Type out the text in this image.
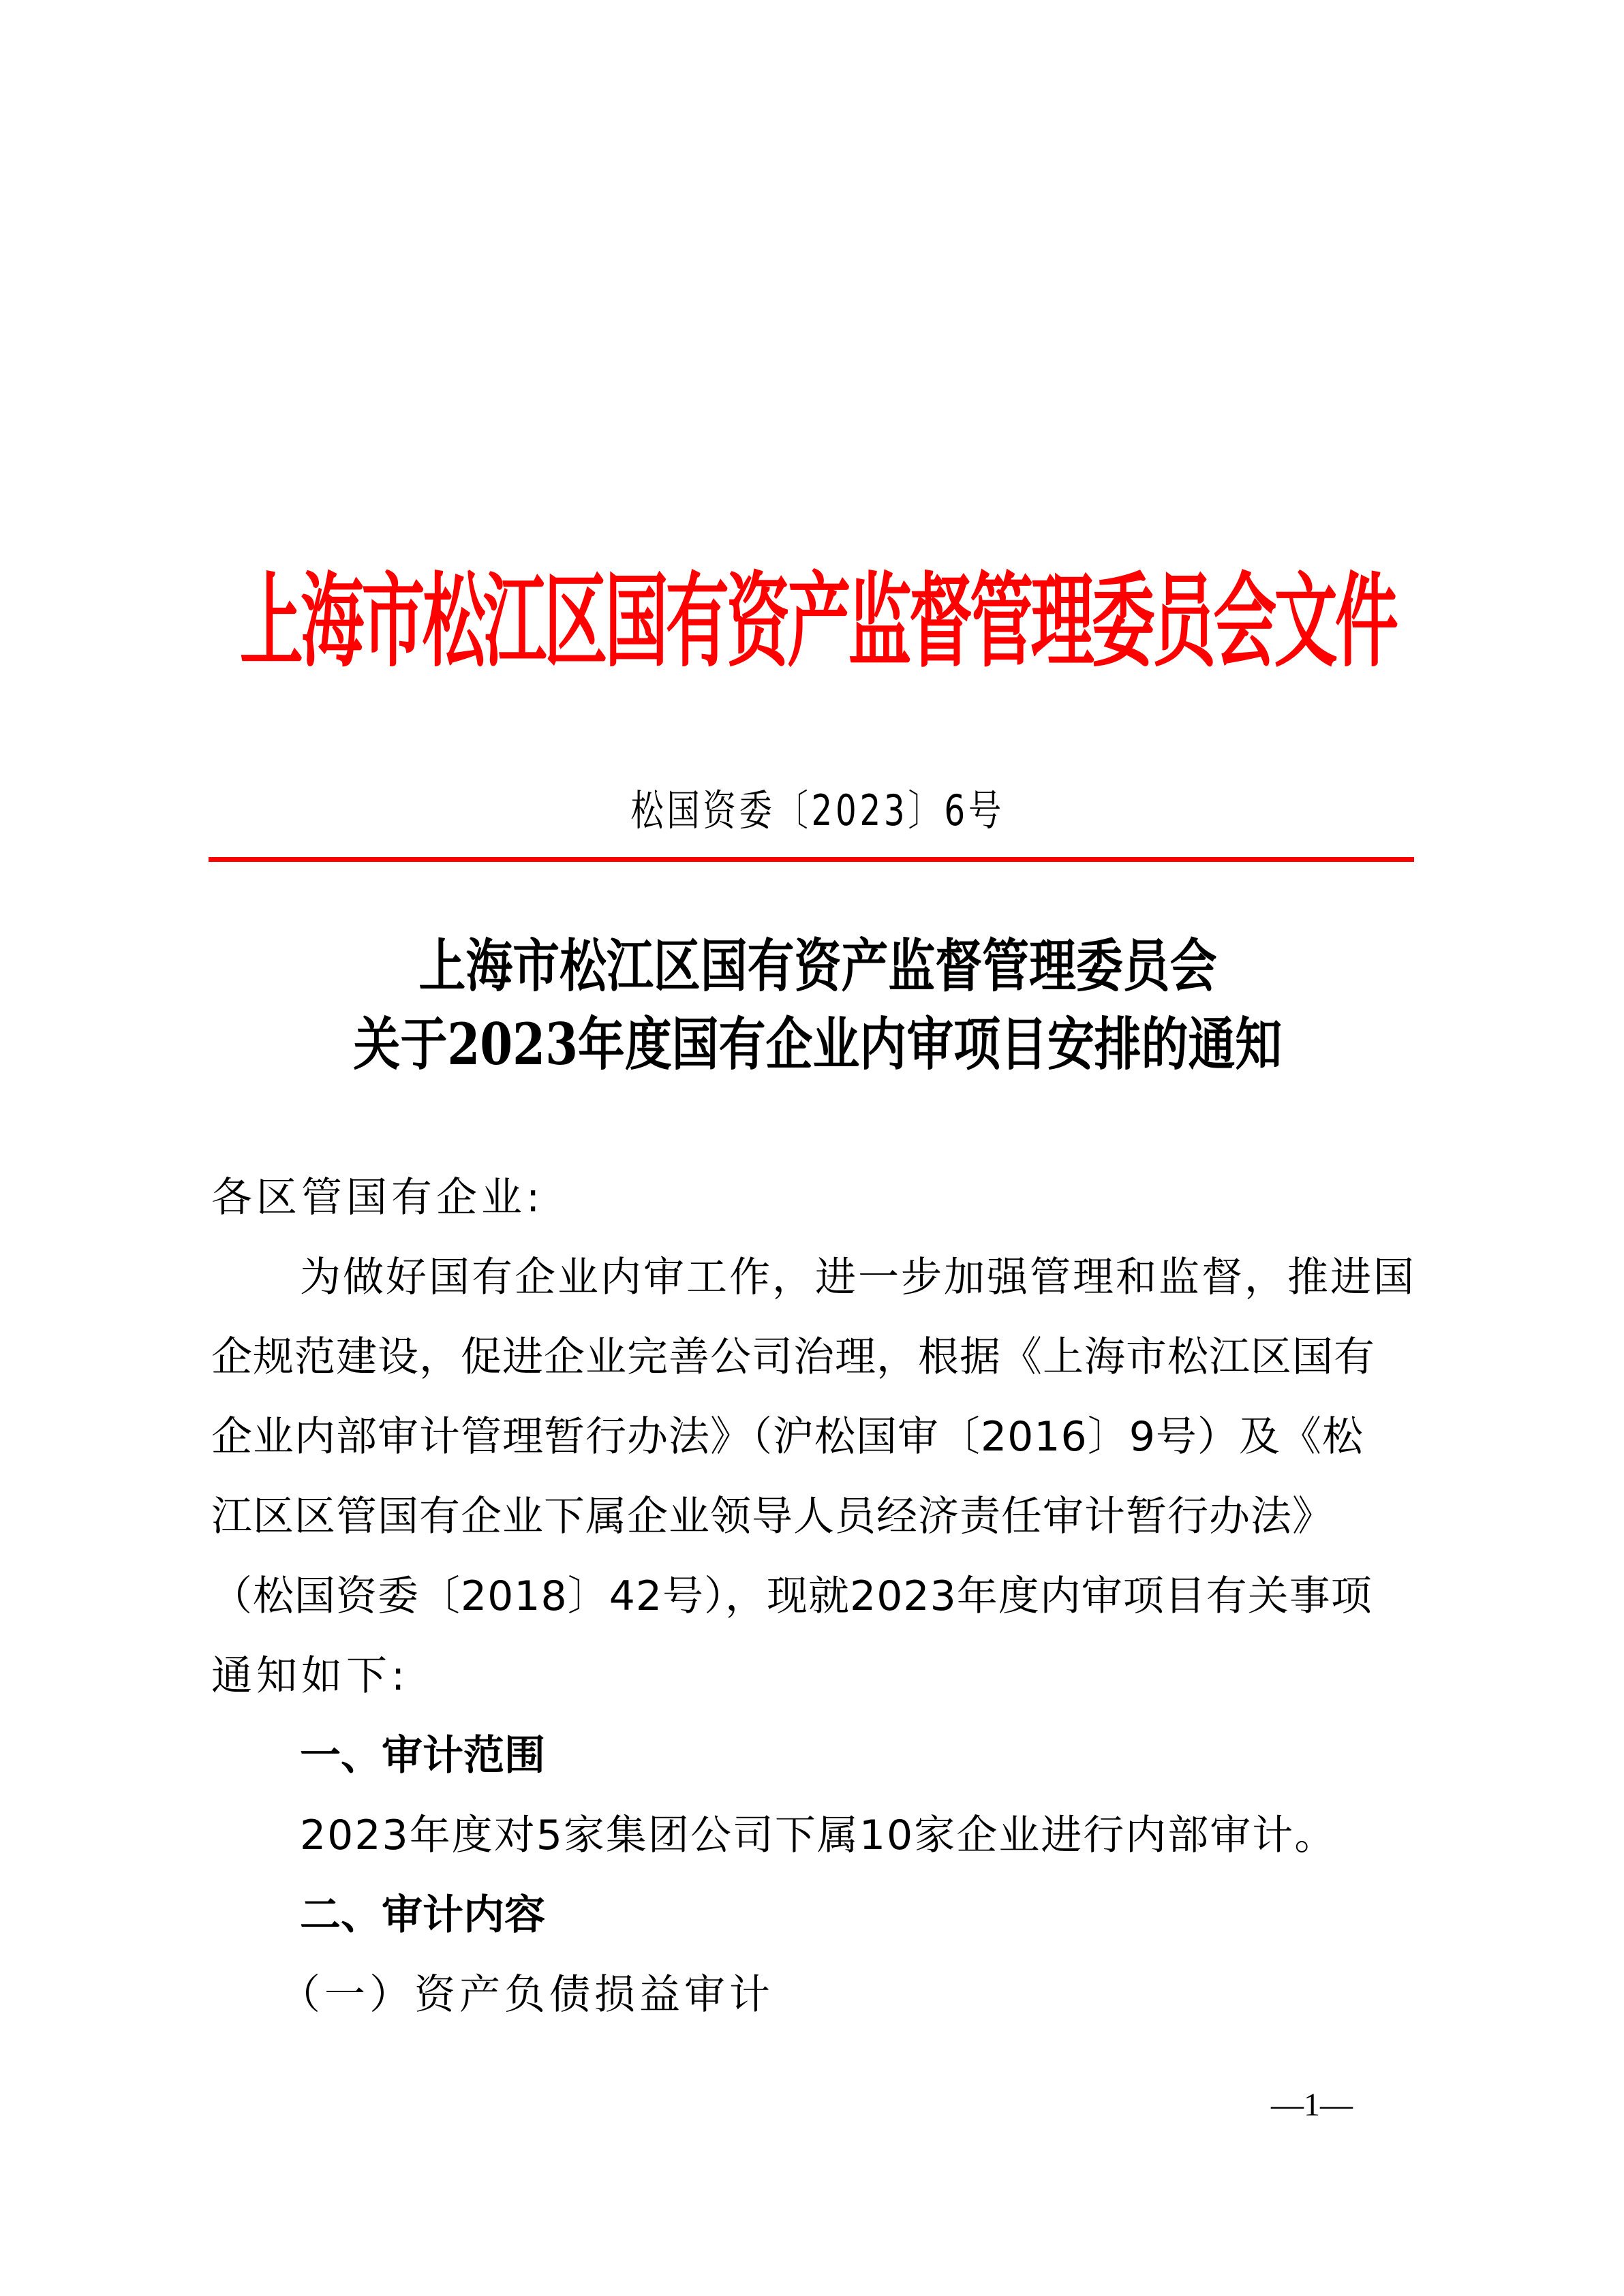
上海市松江区国有资产监督管理委员会文件
松国资委〔2023〕6号
上海市松江区国有资产监督管理委员会
关于2023年度国有企业内审项目安排的通知
各区管国有企业:
为做好国有企业内审工作，进一步加强管理和监督，推进国
企规范建设，促进企业完善公司治理，根据《上海市松江区国有
企业内部审计管理暂行办法》（沪松国审〔2016〕9号）及《松
江区区管国有企业下属企业领导人员经济责任审计暂行办法》
（松国资委〔2018〕42号），现就2023年度内审项目有关事项
通知如下:
一、审计范围
2023年度对5家集团公司下属10家企业进行内部审计。
二、审计内容
（一）资产负债损益审计
—1—
